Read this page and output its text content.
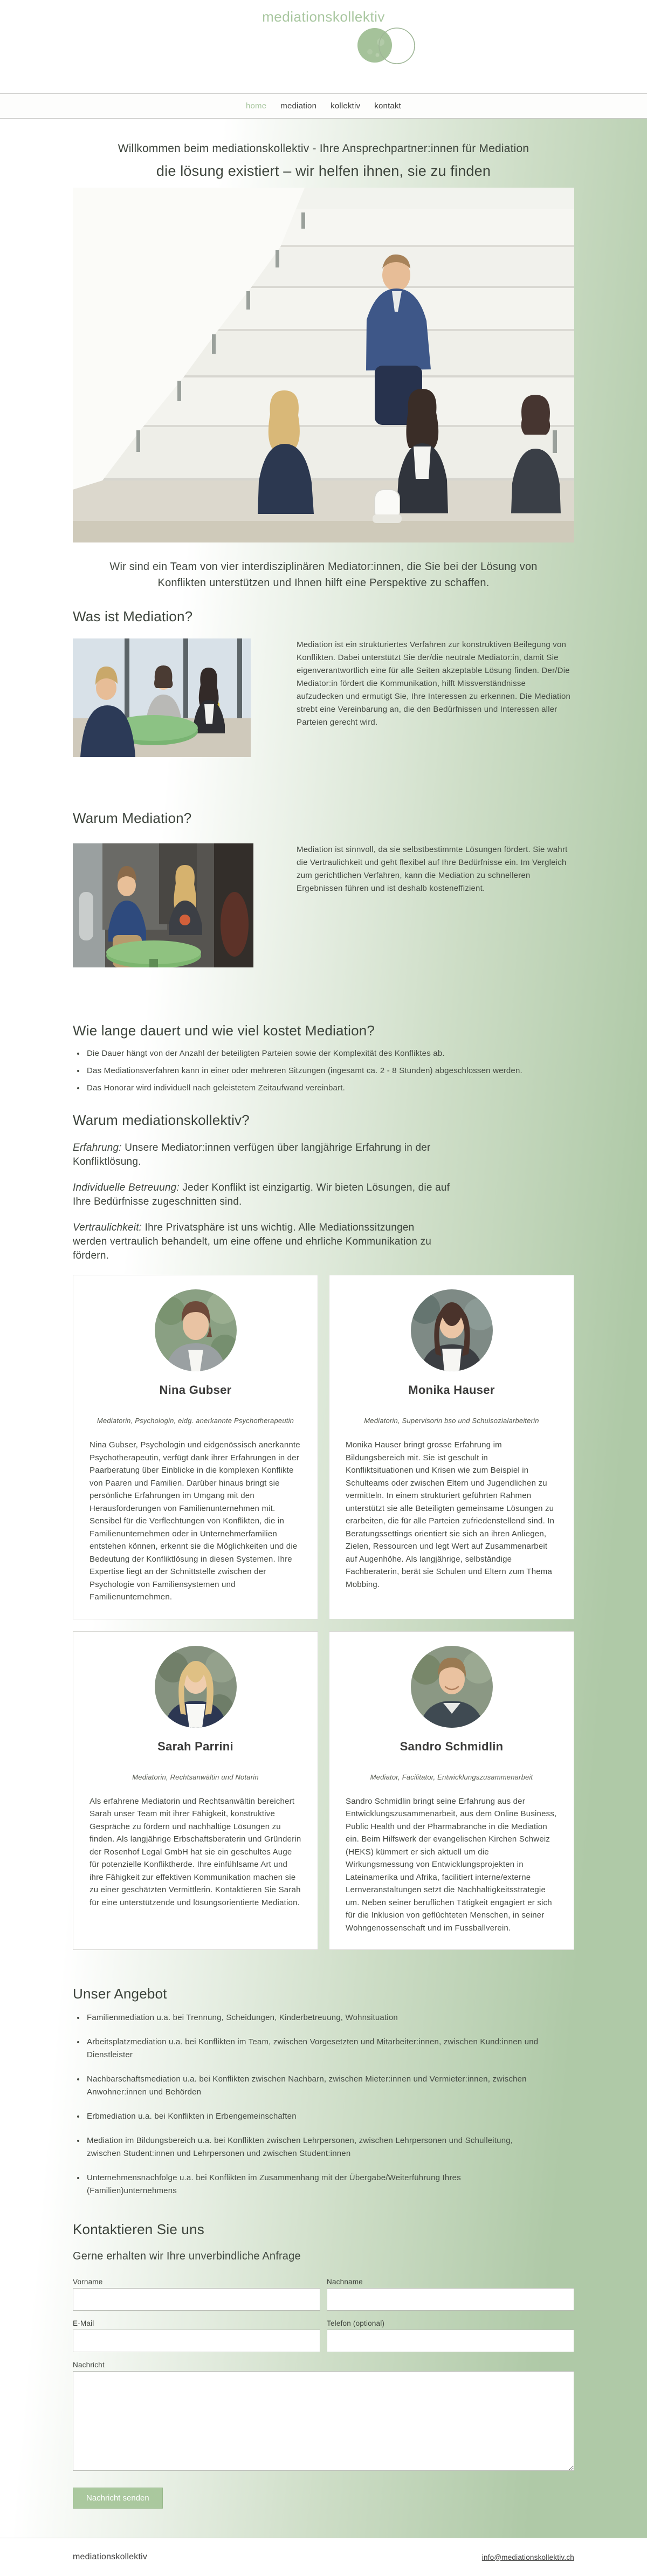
mediationskollektiv
home mediation kollektiv kontakt
Willkommen beim mediationskollektiv - Ihre Ansprechpartner:innen für Mediation
die lösung existiert – wir helfen ihnen, sie zu finden

Wir sind ein Team von vier interdisziplinären Mediator:innen, die Sie bei der Lösung von Konflikten unterstützen und Ihnen hilft eine Perspektive zu schaffen.

Was ist Mediation?
Mediation ist ein strukturiertes Verfahren zur konstruktiven Beilegung von Konflikten. Dabei unterstützt Sie der/die neutrale Mediator:in, damit Sie eigenverantwortlich eine für alle Seiten akzeptable Lösung finden. Der/Die Mediator:in fördert die Kommunikation, hilft Missverständnisse aufzudecken und ermutigt Sie, Ihre Interessen zu erkennen. Die Mediation strebt eine Vereinbarung an, die den Bedürfnissen und Interessen aller Parteien gerecht wird.
Warum Mediation?
Mediation ist sinnvoll, da sie selbstbestimmte Lösungen fördert. Sie wahrt die Vertraulichkeit und geht flexibel auf Ihre Bedürfnisse ein. Im Vergleich zum gerichtlichen Verfahren, kann die Mediation zu schnelleren Ergebnissen führen und ist deshalb kosteneffizient.
Wie lange dauert und wie viel kostet Mediation?
Die Dauer hängt von der Anzahl der beteiligten Parteien sowie der Komplexität des Konfliktes ab.
Das Mediationsverfahren kann in einer oder mehreren Sitzungen (ingesamt ca. 2 - 8 Stunden) abgeschlossen werden.
Das Honorar wird individuell nach geleistetem Zeitaufwand vereinbart.
Warum mediationskollektiv?

Erfahrung: Unsere Mediator:innen verfügen über langjährige Erfahrung in der Konfliktlösung.

Individuelle Betreuung: Jeder Konflikt ist einzigartig. Wir bieten Lösungen, die auf Ihre Bedürfnisse zugeschnitten sind.

Vertraulichkeit: Ihre Privatsphäre ist uns wichtig. Alle Mediationssitzungen werden vertraulich behandelt, um eine offene und ehrliche Kommunikation zu fördern.

Nina Gubser
Mediatorin, Psychologin, eidg. anerkannte Psychotherapeutin

Nina Gubser, Psychologin und eidgenössisch anerkannte Psychotherapeutin, verfügt dank ihrer Erfahrungen in der Paarberatung über Einblicke in die komplexen Konflikte von Paaren und Familien. Darüber hinaus bringt sie persönliche Erfahrungen im Umgang mit den Herausforderungen von Familienunternehmen mit. Sensibel für die Verflechtungen von Konflikten, die in Familienunternehmen oder in Unternehmerfamilien entstehen können, erkennt sie die Möglichkeiten und die Bedeutung der Konfliktlösung in diesen Systemen. Ihre Expertise liegt an der Schnittstelle zwischen der Psychologie von Familiensystemen und Familienunternehmen.

Monika Hauser
Mediatorin, Supervisorin bso und Schulsozialarbeiterin

Monika Hauser bringt grosse Erfahrung im Bildungsbereich mit. Sie ist geschult in Konfliktsituationen und Krisen wie zum Beispiel in Schulteams oder zwischen Eltern und Jugendlichen zu vermitteln. In einem strukturiert geführten Rahmen unterstützt sie alle Beteiligten gemeinsame Lösungen zu erarbeiten, die für alle Parteien zufriedenstellend sind. In Beratungssettings orientiert sie sich an ihren Anliegen, Zielen, Ressourcen und legt Wert auf Zusammenarbeit auf Augenhöhe. Als langjährige, selbständige Fachberaterin, berät sie Schulen und Eltern zum Thema Mobbing.

Sarah Parrini
Mediatorin, Rechtsanwältin und Notarin

Als erfahrene Mediatorin und Rechtsanwältin bereichert Sarah unser Team mit ihrer Fähigkeit, konstruktive Gespräche zu fördern und nachhaltige Lösungen zu finden. Als langjährige Erbschaftsberaterin und Gründerin der Rosenhof Legal GmbH hat sie ein geschultes Auge für potenzielle Konfliktherde. Ihre einfühlsame Art und ihre Fähigkeit zur effektiven Kommunikation machen sie zu einer geschätzten Vermittlerin. Kontaktieren Sie Sarah für eine unterstützende und lösungsorientierte Mediation.

Sandro Schmidlin
Mediator, Facilitator, Entwicklungszusammenarbeit

Sandro Schmidlin bringt seine Erfahrung aus der Entwicklungszusammenarbeit, aus dem Online Business, Public Health und der Pharmabranche in die Mediation ein. Beim Hilfswerk der evangelischen Kirchen Schweiz (HEKS) kümmert er sich aktuell um die Wirkungsmessung von Entwicklungsprojekten in Lateinamerika und Afrika, facilitiert interne/externe Lernveranstaltungen setzt die Nachhaltigkeitsstrategie um. Neben seiner beruflichen Tätigkeit engagiert er sich für die Inklusion von geflüchteten Menschen, in seiner Wohngenossenschaft und im Fussballverein.

Unser Angebot
Familienmediation u.a. bei Trennung, Scheidungen, Kinderbetreuung, Wohnsituation
Arbeitsplatzmediation u.a. bei Konflikten im Team, zwischen Vorgesetzten und Mitarbeiter:innen, zwischen Kund:innen und Dienstleister
Nachbarschaftsmediation u.a. bei Konflikten zwischen Nachbarn, zwischen Mieter:innen und Vermieter:innen, zwischen Anwohner:innen und Behörden
Erbmediation u.a. bei Konflikten in Erbengemeinschaften
Mediation im Bildungsbereich u.a. bei Konflikten zwischen Lehrpersonen, zwischen Lehrpersonen und Schulleitung, zwischen Student:innen und Lehrpersonen und zwischen Student:innen
Unternehmensnachfolge u.a. bei Konflikten im Zusammenhang mit der Übergabe/Weiterführung Ihres (Familien)unternehmens
Kontaktieren Sie uns
Gerne erhalten wir Ihre unverbindliche Anfrage
Vorname	Nachname
E-Mail	Telefon (optional)
Nachricht
Nachricht senden
mediationskollektiv	info@mediationskollektiv.ch
